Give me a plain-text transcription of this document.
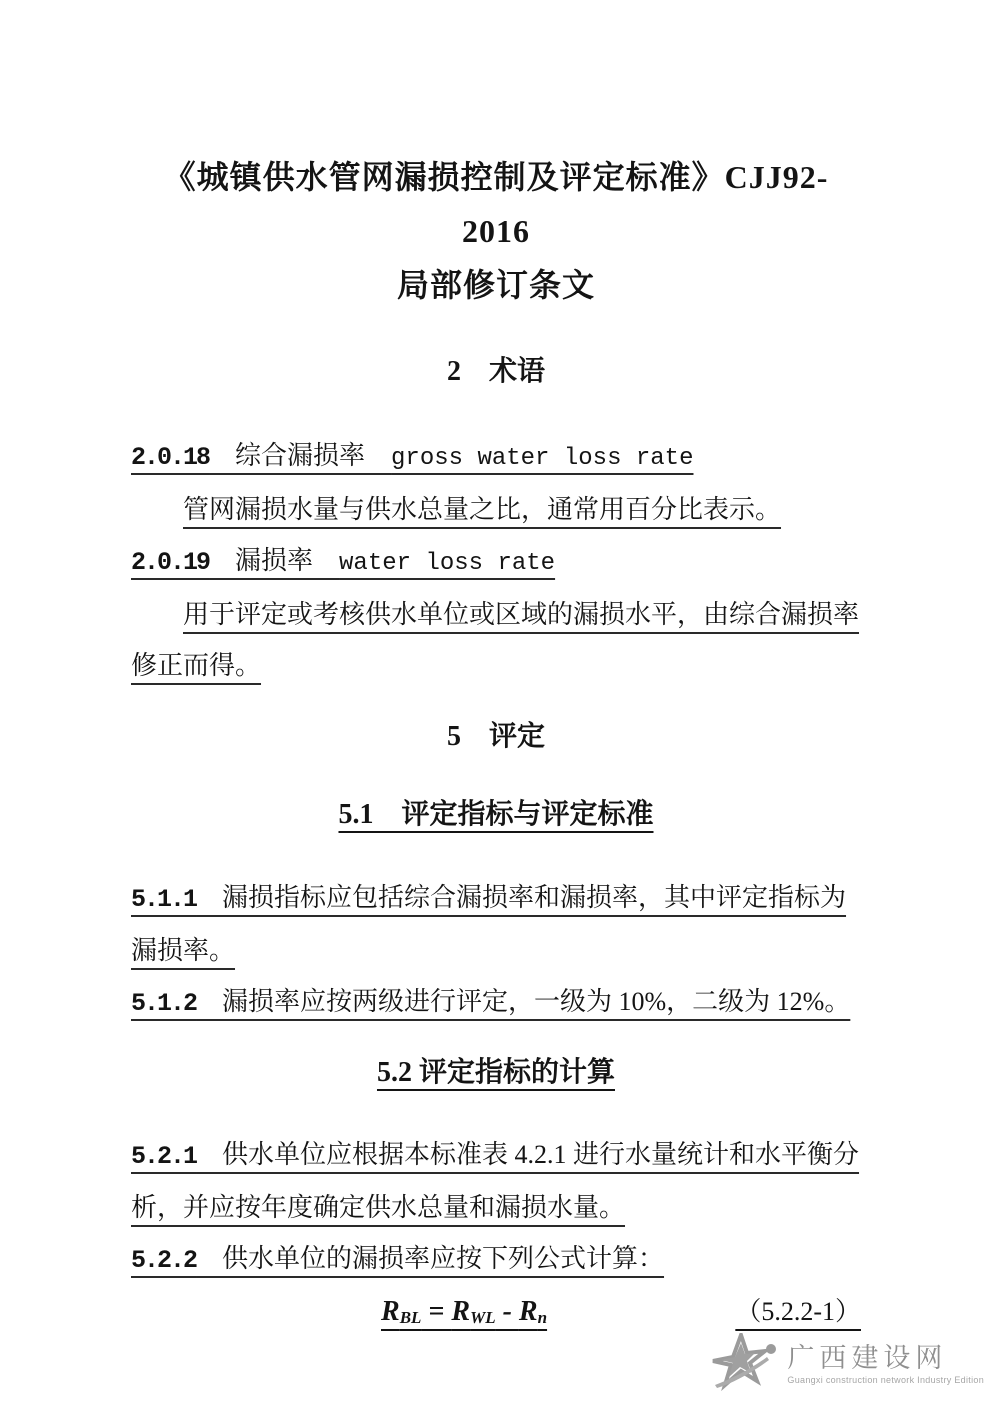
《城镇供水管网漏损控制及评定标准》CJJ92-2016
局部修订条文
2　术语

2.0.18　综合漏损率　gross water loss rate

管网漏损水量与供水总量之比，通常用百分比表示。

2.0.19　漏损率　water loss rate

用于评定或考核供水单位或区域的漏损水平，由综合漏损率修正而得。

5　评定
5.1　评定指标与评定标准

5.1.1　漏损指标应包括综合漏损率和漏损率，其中评定指标为漏损率。

5.1.2　漏损率应按两级进行评定，一级为 10%，二级为 12%。

5.2 评定指标的计算

5.2.1　供水单位应根据本标准表 4.2.1 进行水量统计和水平衡分析，并应按年度确定供水总量和漏损水量。

5.2.2　供水单位的漏损率应按下列公式计算：

RBL = RWL - Rn	（5.2.2-1）
广西建设网
Guangxi construction network Industry Edition
